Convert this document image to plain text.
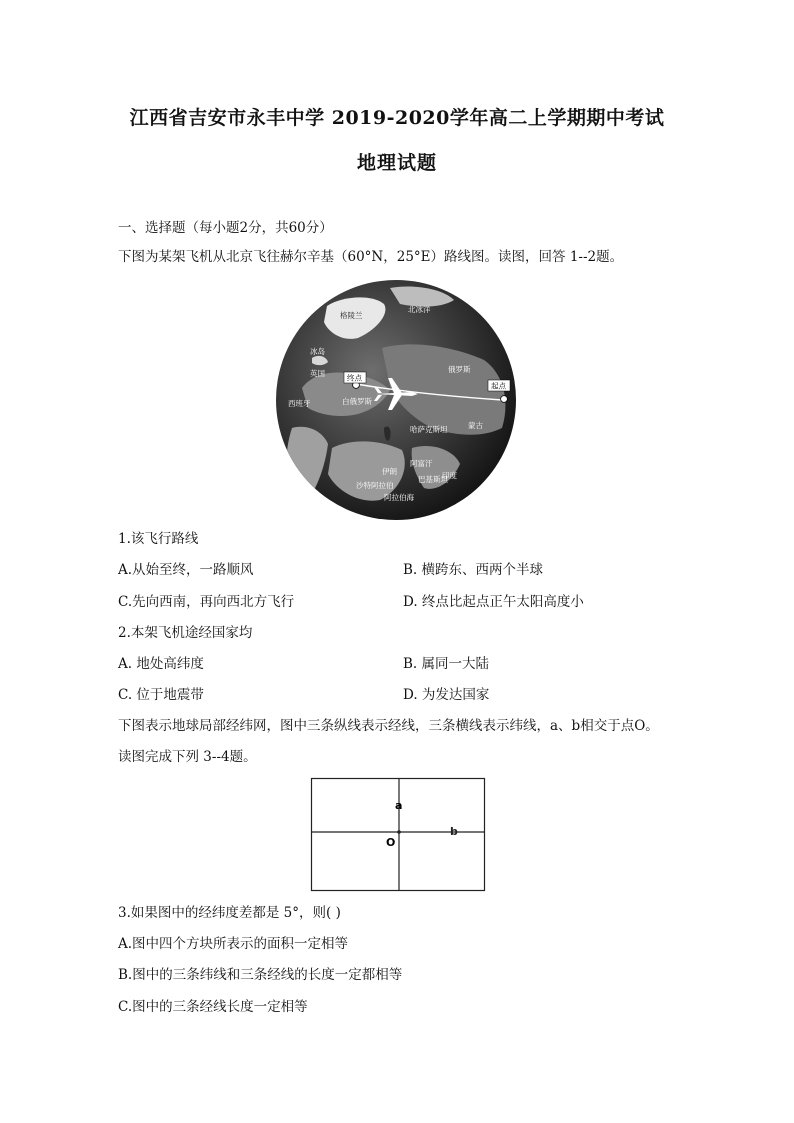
江西省吉安市永丰中学 2019-2020学年高二上学期期中考试
地理试题
一、选择题（每小题2分，共60分）
下图为某架飞机从北京飞往赫尔辛基（60°N，25°E）路线图。读图，回答 1--2题。
终点
起点
格陵兰
北冰洋
冰岛
英国	俄罗斯
白俄罗斯
西班牙
哈萨克斯坦	蒙古
伊朗
阿富汗
巴基斯坦
印度
沙特阿拉伯
阿拉伯海
1.该飞行路线
A.从始至终，一路顺风	B. 横跨东、西两个半球
C.先向西南，再向西北方飞行	D. 终点比起点正午太阳高度小
2.本架飞机途经国家均
A. 地处高纬度	B. 属同一大陆
C. 位于地震带	D. 为发达国家
下图表示地球局部经纬网，图中三条纵线表示经线，三条横线表示纬线，a、b相交于点O。
读图完成下列 3--4题。
a
b
O
3.如果图中的经纬度差都是 5°，则( )
A.图中四个方块所表示的面积一定相等
B.图中的三条纬线和三条经线的长度一定都相等
C.图中的三条经线长度一定相等
